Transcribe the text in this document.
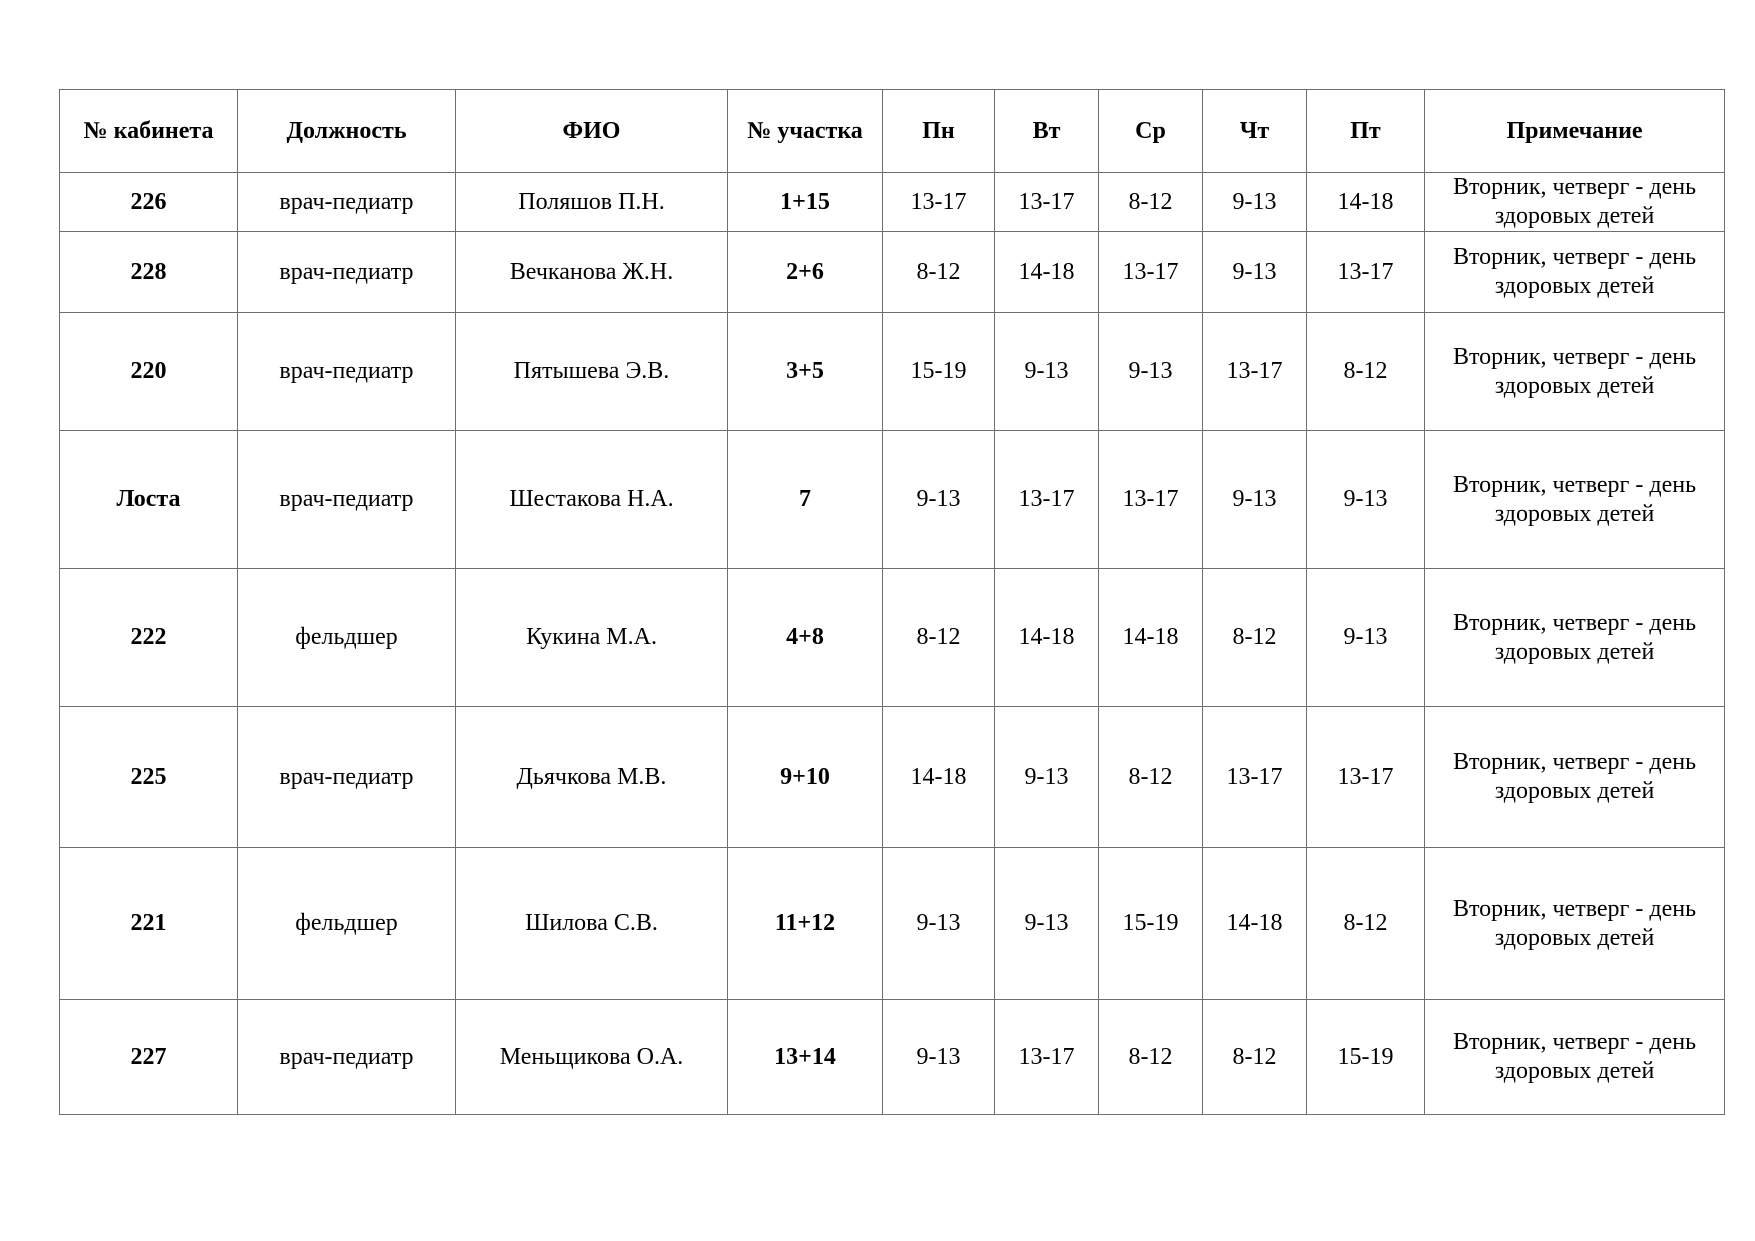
№ кабинета	Должность	ФИО	№ участка	Пн	Вт	Ср	Чт	Пт	Примечание
226	врач-педиатр	Поляшов П.Н.	1+15	13-17	13-17	8-12	9-13	14-18	Вторник, четверг - день
здоровых детей

228	врач-педиатр	Вечканова Ж.Н.	2+6	8-12	14-18	13-17	9-13	13-17	Вторник, четверг - день
здоровых детей

220	врач-педиатр	Пятышева Э.В.	3+5	15-19	9-13	9-13	13-17	8-12	Вторник, четверг - день
здоровых детей

Лоста	врач-педиатр	Шестакова Н.А.	7	9-13	13-17	13-17	9-13	9-13	Вторник, четверг - день
здоровых детей

222	фельдшер	Кукина М.А.	4+8	8-12	14-18	14-18	8-12	9-13	Вторник, четверг - день
здоровых детей

225	врач-педиатр	Дьячкова М.В.	9+10	14-18	9-13	8-12	13-17	13-17	Вторник, четверг - день
здоровых детей

221	фельдшер	Шилова С.В.	11+12	9-13	9-13	15-19	14-18	8-12	Вторник, четверг - день
здоровых детей

227	врач-педиатр	Меньщикова О.А.	13+14	9-13	13-17	8-12	8-12	15-19	Вторник, четверг - день
здоровых детей
